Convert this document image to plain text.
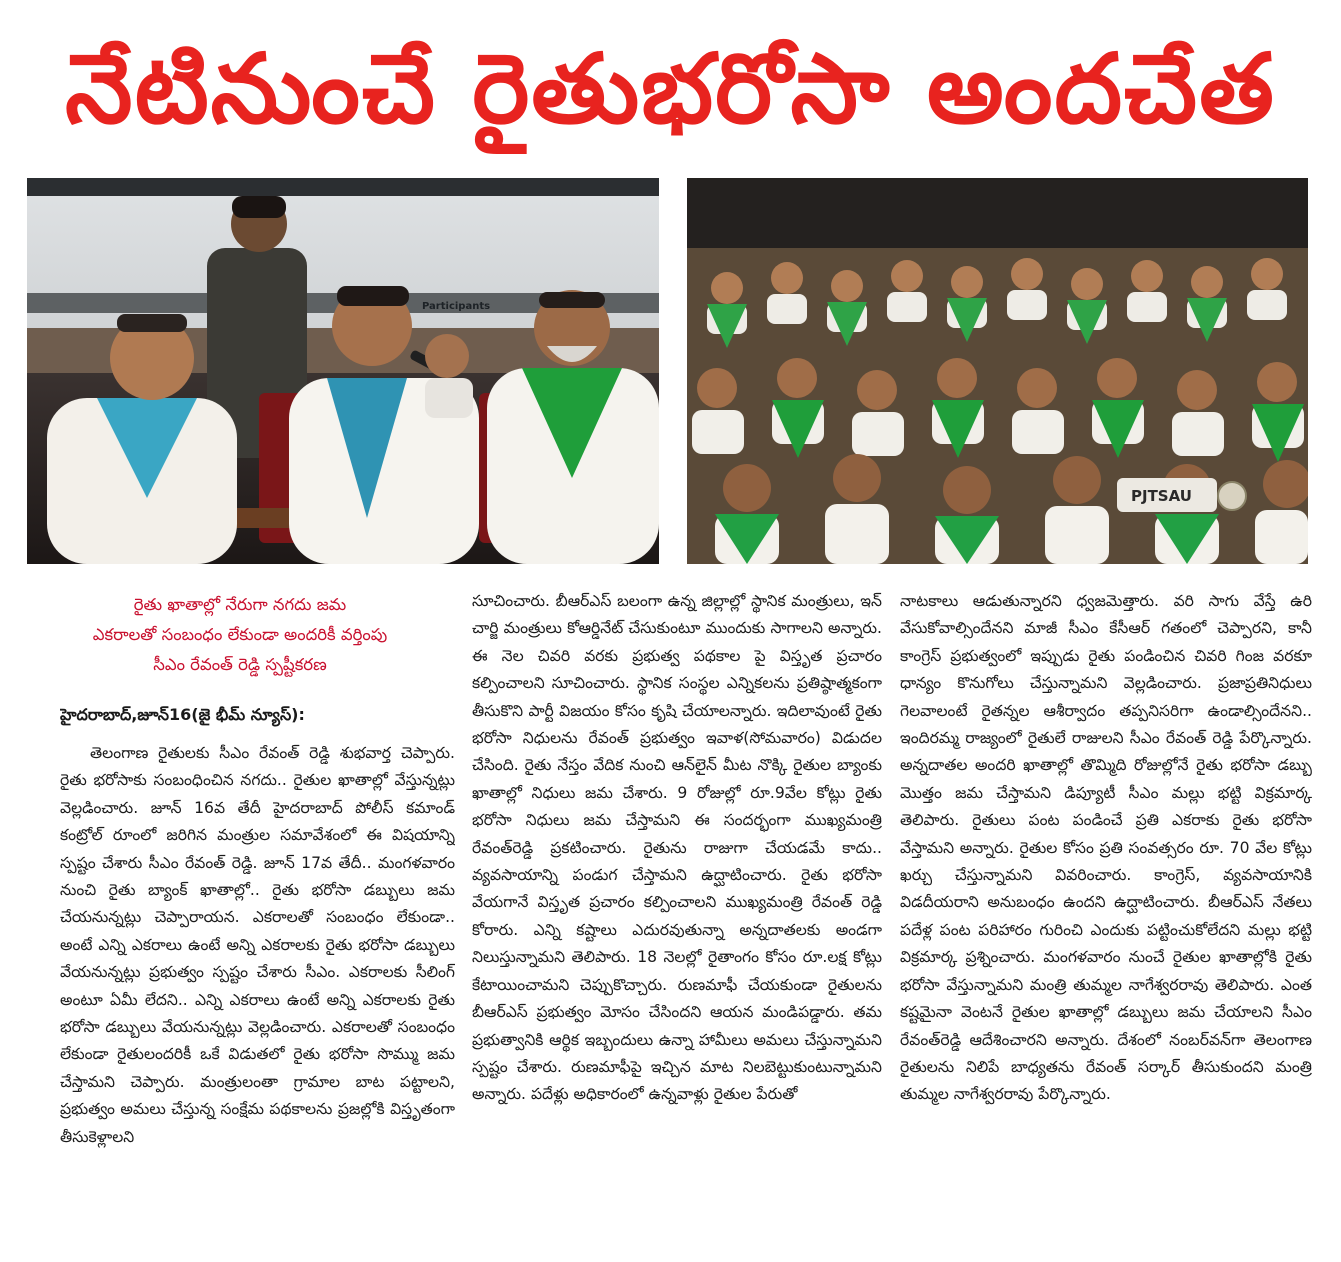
నేటినుంచే రైతుభరోసా అందచేత
Participants
PJTSAU
రైతు ఖాతాల్లో నేరుగా నగదు జమ
ఎకరాలతో సంబంధం లేకుండా అందరికీ వర్తింపు
సీఎం రేవంత్ రెడ్డి స్పష్టీకరణ
హైదరాబాద్,జూన్16(జై భీమ్ న్యూస్):
తెలంగాణ రైతులకు సీఎం రేవంత్ రెడ్డి శుభవార్త చెప్పారు. రైతు భరోసాకు సంబంధించిన నగదు.. రైతుల ఖాతాల్లో వేస్తున్నట్లు వెల్లడించారు. జూన్ 16వ తేదీ హైదరాబాద్ పోలీస్ కమాండ్ కంట్రోల్ రూంలో జరిగిన మంత్రుల సమావేశంలో ఈ విషయాన్ని స్పష్టం చేశారు సీఎం రేవంత్ రెడ్డి. జూన్ 17వ తేదీ.. మంగళవారం నుంచి రైతు బ్యాంక్ ఖాతాల్లో.. రైతు భరోసా డబ్బులు జమ చేయనున్నట్లు చెప్పారాయన. ఎకరాలతో సంబంధం లేకుండా.. అంటే ఎన్ని ఎకరాలు ఉంటే అన్ని ఎకరాలకు రైతు భరోసా డబ్బులు వేయనున్నట్లు ప్రభుత్వం స్పష్టం చేశారు సీఎం. ఎకరాలకు సీలింగ్ అంటూ ఏమీ లేదని.. ఎన్ని ఎకరాలు ఉంటే అన్ని ఎకరాలకు రైతు భరోసా డబ్బులు వేయనున్నట్లు వెల్లడించారు. ఎకరాలతో సంబంధం లేకుండా రైతులందరికీ ఒకే విడుతలో రైతు భరోసా సొమ్ము జమ చేస్తామని చెప్పారు. మంత్రులంతా గ్రామాల బాట పట్టాలని, ప్రభుత్వం అమలు చేస్తున్న సంక్షేమ పథకాలను ప్రజల్లోకి విస్తృతంగా తీసుకెళ్లాలని
సూచించారు. బీఆర్ఎస్ బలంగా ఉన్న జిల్లాల్లో స్థానిక మంత్రులు, ఇన్ చార్జి మంత్రులు కోఆర్డినేట్ చేసుకుంటూ ముందుకు సాగాలని అన్నారు. ఈ నెల చివరి వరకు ప్రభుత్వ పథకాల పై విస్తృత ప్రచారం కల్పించాలని సూచించారు. స్థానిక సంస్థల ఎన్నికలను ప్రతిష్ఠాత్మకంగా తీసుకొని పార్టీ విజయం కోసం కృషి చేయాలన్నారు. ఇదిలావుంటే రైతు భరోసా నిధులను రేవంత్ ప్రభుత్వం ఇవాళ(సోమవారం) విడుదల చేసింది. రైతు నేస్తం వేదిక నుంచి ఆన్‌లైన్ మీట నొక్కి రైతుల బ్యాంకు ఖాతాల్లో నిధులు జమ చేశారు. 9 రోజుల్లో రూ.9వేల కోట్లు రైతు భరోసా నిధులు జమ చేస్తామని ఈ సందర్భంగా ముఖ్యమంత్రి రేవంత్‌రెడ్డి ప్రకటించారు. రైతును రాజుగా చేయడమే కాదు.. వ్యవసాయాన్ని పండుగ చేస్తామని ఉద్ఘాటించారు. రైతు భరోసా వేయగానే విస్తృత ప్రచారం కల్పించాలని ముఖ్యమంత్రి రేవంత్ రెడ్డి కోరారు. ఎన్ని కష్టాలు ఎదురవుతున్నా అన్నదాతలకు అండగా నిలుస్తున్నామని తెలిపారు. 18 నెలల్లో రైతాంగం కోసం రూ.లక్ష కోట్లు కేటాయించామని చెప్పుకొచ్చారు. రుణమాఫీ చేయకుండా రైతులను బీఆర్ఎస్ ప్రభుత్వం మోసం చేసిందని ఆయన మండిపడ్డారు. తమ ప్రభుత్వానికి ఆర్థిక ఇబ్బందులు ఉన్నా హామీలు అమలు చేస్తున్నామని స్పష్టం చేశారు. రుణమాఫీపై ఇచ్చిన మాట నిలబెట్టుకుంటున్నామని అన్నారు. పదేళ్లు అధికారంలో ఉన్నవాళ్లు రైతుల పేరుతో
నాటకాలు ఆడుతున్నారని ధ్వజమెత్తారు. వరి సాగు వేస్తే ఉరి వేసుకోవాల్సిందేనని మాజీ సీఎం కేసీఆర్ గతంలో చెప్పారని, కానీ కాంగ్రెస్ ప్రభుత్వంలో ఇప్పుడు రైతు పండించిన చివరి గింజ వరకూ ధాన్యం కొనుగోలు చేస్తున్నామని వెల్లడించారు. ప్రజాప్రతినిధులు గెలవాలంటే రైతన్నల ఆశీర్వాదం తప్పనిసరిగా ఉండాల్సిందేనని.. ఇందిరమ్మ రాజ్యంలో రైతులే రాజులని సీఎం రేవంత్ రెడ్డి పేర్కొన్నారు. అన్నదాతల అందరి ఖాతాల్లో తొమ్మిది రోజుల్లోనే రైతు భరోసా డబ్బు మొత్తం జమ చేస్తామని డిప్యూటీ సీఎం మల్లు భట్టి విక్రమార్క తెలిపారు. రైతులు పంట పండించే ప్రతి ఎకరాకు రైతు భరోసా వేస్తామని అన్నారు. రైతుల కోసం ప్రతి సంవత్సరం రూ. 70 వేల కోట్లు ఖర్చు చేస్తున్నామని వివరించారు. కాంగ్రెస్, వ్యవసాయానికి విడదీయరాని అనుబంధం ఉందని ఉద్ఘాటించారు. బీఆర్ఎస్ నేతలు పదేళ్ల పంట పరిహారం గురించి ఎందుకు పట్టించుకోలేదని మల్లు భట్టి విక్రమార్క ప్రశ్నించారు. మంగళవారం నుంచే రైతుల ఖాతాల్లోకి రైతు భరోసా వేస్తున్నామని మంత్రి తుమ్మల నాగేశ్వరరావు తెలిపారు. ఎంత కష్టమైనా వెంటనే రైతుల ఖాతాల్లో డబ్బులు జమ చేయాలని సీఎం రేవంత్‌రెడ్డి ఆదేశించారని అన్నారు. దేశంలో నంబర్‌వన్‌గా తెలంగాణ రైతులను నిలిపే బాధ్యతను రేవంత్ సర్కార్ తీసుకుందని మంత్రి తుమ్మల నాగేశ్వరరావు పేర్కొన్నారు.
